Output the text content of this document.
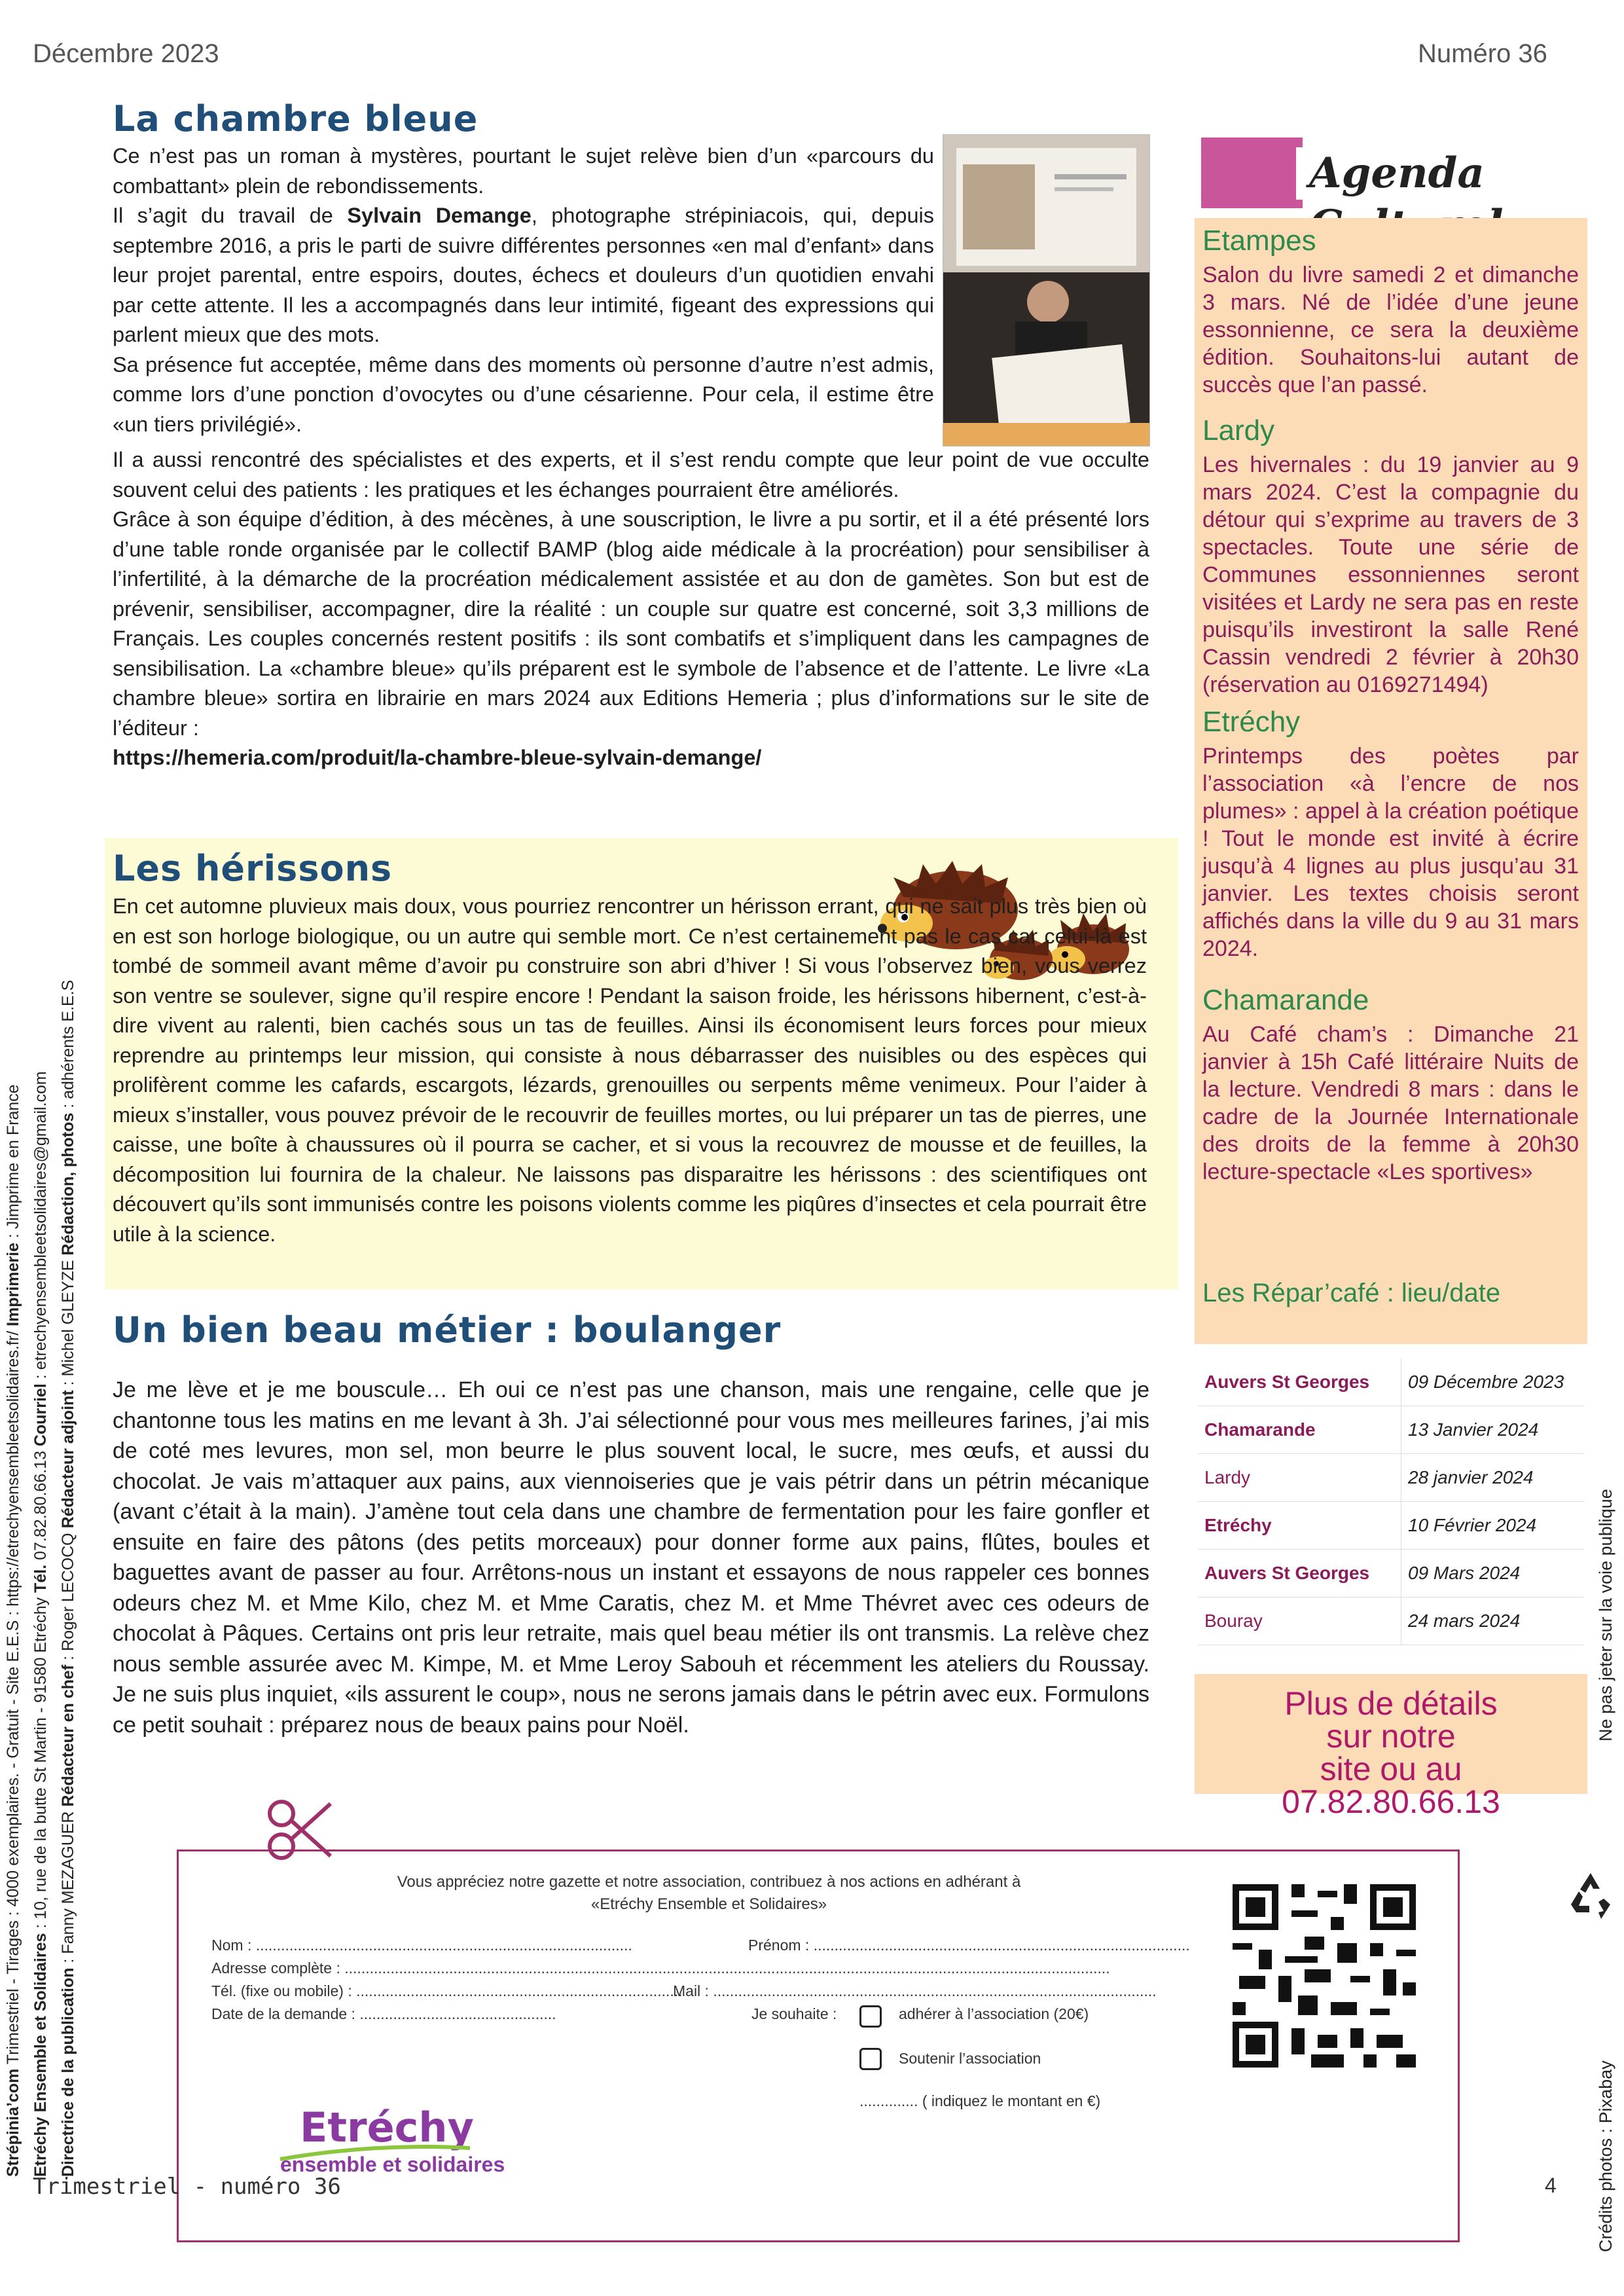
Décembre 2023	Numéro 36
La chambre bleue

Ce n’est pas un roman à mystères, pourtant le sujet relève bien d’un «parcours du combattant» plein de rebondissements.

Il s’agit du travail de Sylvain Demange, photographe strépiniacois, qui, depuis septembre 2016, a pris le parti de suivre différentes personnes «en mal d’enfant» dans leur projet parental, entre espoirs, doutes, échecs et douleurs d’un quotidien envahi par cette attente. Il les a accompagnés dans leur intimité, figeant des expressions qui parlent mieux que des mots.

Sa présence fut acceptée, même dans des moments où personne d’autre n’est admis, comme lors d’une ponction d’ovocytes ou d’une césarienne. Pour cela, il estime être «un tiers privilégié».

Il a aussi rencontré des spécialistes et des experts, et il s’est rendu compte que leur point de vue occulte souvent celui des patients : les pratiques et les échanges pourraient être améliorés.

Grâce à son équipe d’édition, à des mécènes, à une souscription, le livre a pu sortir, et il a été présenté lors d’une table ronde organisée par le collectif BAMP (blog aide médicale à la procréation) pour sensibiliser à l’infertilité, à la démarche de la procréation médicalement assistée et au don de gamètes. Son but est de prévenir, sensibiliser, accompagner, dire la réalité : un couple sur quatre est concerné, soit 3,3 millions de Français. Les couples concernés restent positifs : ils sont combatifs et s’impliquent dans les campagnes de sensibilisation. La «chambre bleue» qu’ils préparent est le symbole de l’absence et de l’attente. Le livre «La chambre bleue» sortira en librairie en mars 2024 aux Editions Hemeria ; plus d’informations sur le site de l’éditeur :

https://hemeria.com/produit/la-chambre-bleue-sylvain-demange/

Les hérissons

En cet automne pluvieux mais doux, vous pourriez rencontrer un hérisson errant, qui ne sait plus très bien où en est son horloge biologique, ou un autre qui semble mort. Ce n’est certainement pas le cas car celui-là est tombé de sommeil avant même d’avoir pu construire son abri d’hiver ! Si vous l’observez bien, vous verrez son ventre se soulever, signe qu’il respire encore ! Pendant la saison froide, les hérissons hibernent, c’est-à-dire vivent au ralenti, bien cachés sous un tas de feuilles. Ainsi ils économisent leurs forces pour mieux reprendre au printemps leur mission, qui consiste à nous débarrasser des nuisibles ou des espèces qui prolifèrent comme les cafards, escargots, lézards, grenouilles ou serpents même venimeux. Pour l’aider à mieux s’installer, vous pouvez prévoir de le recouvrir de feuilles mortes, ou lui préparer un tas de pierres, une caisse, une boîte à chaussures où il pourra se cacher, et si vous la recouvrez de mousse et de feuilles, la décomposition lui fournira de la chaleur. Ne laissons pas disparaitre les hérissons : des scientifiques ont découvert qu’ils sont immunisés contre les poisons violents comme les piqûres d’insectes et cela pourrait être utile à la science.

Un bien beau métier : boulanger

Je me lève et je me bouscule… Eh oui ce n’est pas une chanson, mais une rengaine, celle que je chantonne tous les matins en me levant à 3h. J’ai sélectionné pour vous mes meilleures farines, j’ai mis de coté mes levures, mon sel, mon beurre le plus souvent local, le sucre, mes œufs, et aussi du chocolat. Je vais m’attaquer aux pains, aux viennoiseries que je vais pétrir dans un pétrin mécanique (avant c’était à la main). J’amène tout cela dans une chambre de fermentation pour les faire gonfler et ensuite en faire des pâtons (des petits morceaux) pour donner forme aux pains, flûtes, boules et baguettes avant de passer au four. Arrêtons-nous un instant et essayons de nous rappeler ces bonnes odeurs chez M. et Mme Kilo, chez M. et Mme Caratis, chez M. et Mme Thévret avec ces odeurs de chocolat à Pâques. Certains ont pris leur retraite, mais quel beau métier ils ont transmis. La relève chez nous semble assurée avec M. Kimpe, M. et Mme Leroy Sabouh et récemment les ateliers du Roussay. Je ne suis plus inquiet, «ils assurent le coup», nous ne serons jamais dans le pétrin avec eux. Formulons ce petit souhait : préparez nous de beaux pains pour Noël.

Agenda
Etampes
Salon du livre samedi 2 et dimanche 3 mars. Né de l’idée d’une jeune essonnienne, ce sera la deuxième édition. Souhaitons-lui autant de succès que l’an passé.
Lardy
Les hivernales : du 19 janvier au 9 mars 2024. C’est la compagnie du détour qui s’exprime au travers de 3 spectacles. Toute une série de Communes essonniennes seront visitées et Lardy ne sera pas en reste puisqu’ils investiront la salle René Cassin vendredi 2 février à 20h30 (réservation au 0169271494)
Etréchy
Printemps des poètes par l’association «à l’encre de nos plumes» : appel à la création poétique ! Tout le monde est invité à écrire jusqu’à 4 lignes au plus jusqu’au 31 janvier. Les textes choisis seront affichés dans la ville du 9 au 31 mars 2024.
Chamarande
Au Café cham’s : Dimanche 21 janvier à 15h Café littéraire Nuits de la lecture. Vendredi 8 mars : dans le cadre de la Journée Internationale des droits de la femme à 20h30 lecture-spectacle «Les sportives»
Les Répar’café : lieu/date
Auvers St Georges	09 Décembre 2023
Chamarande	13 Janvier 2024
Lardy	28 janvier 2024
Etréchy	10 Février 2024
Auvers St Georges	09 Mars 2024
Bouray	24 mars 2024
Plus de détails
sur notre
site ou au
07.82.80.66.13
Strépinia’com Trimestriel - Tirages : 4000 exemplaires. - Gratuit - Site E.E.S : https://etrechyensembleetsolidaires.fr/ Imprimerie : Jimprime en France
Etréchy Ensemble et Solidaires : 10, rue de la butte St Martin - 91580 Etréchy Tél. 07.82.80.66.13 Courriel : etrechyensembleetsolidaires@gmail.com
Directrice de la publication : Fanny MEZAGUER Rédacteur en chef : Roger LECOCQ Rédacteur adjoint : Michel GLEYZE Rédaction, photos : adhérents E.E.S
Ne pas jeter sur la voie publique
Crédits photos : Pixabay
Vous appréciez notre gazette et notre association, contribuez à nos actions en adhérant à
«Etréchy Ensemble et Solidaires»
Nom : ..........................................................................................	Prénom : ..........................................................................................
Adresse complète : .......................................................................................................................................................................................
Tél. (fixe ou mobile) : ..............................................................................
Mail : ..........................................................................................................
Date de la demande : ...............................................	Je souhaite :	adhérer à l’association (20€)
Soutenir l’association
.............. ( indiquez le montant en €)
Etréchy
ensemble et solidaires
Trimestriel - numéro 36	4
